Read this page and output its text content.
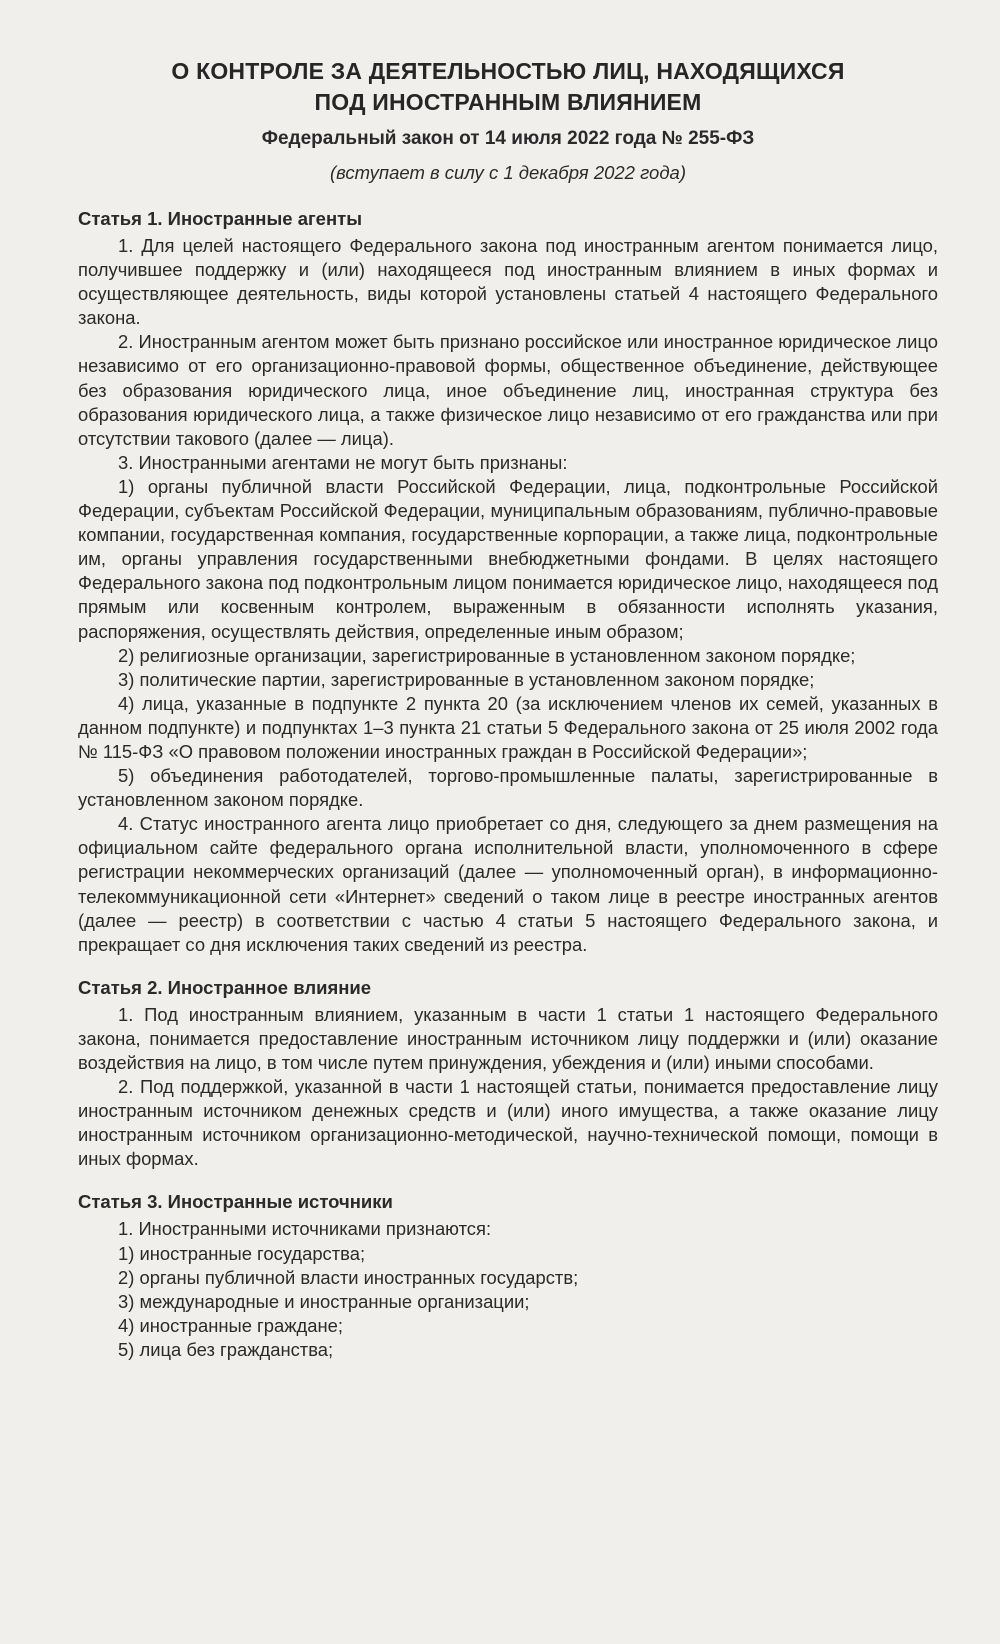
О КОНТРОЛЕ ЗА ДЕЯТЕЛЬНОСТЬЮ ЛИЦ, НАХОДЯЩИХСЯ
ПОД ИНОСТРАННЫМ ВЛИЯНИЕМ

Федеральный закон от 14 июля 2022 года № 255-ФЗ

(вступает в силу с 1 декабря 2022 года)

Статья 1. Иностранные агенты

1. Для целей настоящего Федерального закона под иностранным агентом понимается лицо, получившее поддержку и (или) находящееся под иностранным влиянием в иных формах и осуществляющее деятельность, виды которой установлены статьей 4 настоящего Федерального закона.

2. Иностранным агентом может быть признано российское или иностранное юридическое лицо независимо от его организационно-правовой формы, общественное объединение, действующее без образования юридического лица, иное объединение лиц, иностранная структура без образования юридического лица, а также физическое лицо независимо от его гражданства или при отсутствии такового (далее — лица).

3. Иностранными агентами не могут быть признаны:

1) органы публичной власти Российской Федерации, лица, подконтрольные Российской Федерации, субъектам Российской Федерации, муниципальным образованиям, публично-правовые компании, государственная компания, государственные корпорации, а также лица, подконтрольные им, органы управления государственными внебюджетными фондами. В целях настоящего Федерального закона под подконтрольным лицом понимается юридическое лицо, находящееся под прямым или косвенным контролем, выраженным в обязанности исполнять указания, распоряжения, осуществлять действия, определенные иным образом;

2) религиозные организации, зарегистрированные в установленном законом порядке;

3) политические партии, зарегистрированные в установленном законом порядке;

4) лица, указанные в подпункте 2 пункта 20 (за исключением членов их семей, указанных в данном подпункте) и подпунктах 1–3 пункта 21 статьи 5 Федерального закона от 25 июля 2002 года № 115-ФЗ «О правовом положении иностранных граждан в Российской Федерации»;

5) объединения работодателей, торгово-промышленные палаты, зарегистрированные в установленном законом порядке.

4. Статус иностранного агента лицо приобретает со дня, следующего за днем размещения на официальном сайте федерального органа исполнительной власти, уполномоченного в сфере регистрации некоммерческих организаций (далее — уполномоченный орган), в информационно-телекоммуникационной сети «Интернет» сведений о таком лице в реестре иностранных агентов (далее — реестр) в соответствии с частью 4 статьи 5 настоящего Федерального закона, и прекращает со дня исключения таких сведений из реестра.

Статья 2. Иностранное влияние

1. Под иностранным влиянием, указанным в части 1 статьи 1 настоящего Федерального закона, понимается предоставление иностранным источником лицу поддержки и (или) оказание воздействия на лицо, в том числе путем принуждения, убеждения и (или) иными способами.

2. Под поддержкой, указанной в части 1 настоящей статьи, понимается предоставление лицу иностранным источником денежных средств и (или) иного имущества, а также оказание лицу иностранным источником организационно-методической, научно-технической помощи, помощи в иных формах.

Статья 3. Иностранные источники

1. Иностранными источниками признаются:

1) иностранные государства;

2) органы публичной власти иностранных государств;

3) международные и иностранные организации;

4) иностранные граждане;

5) лица без гражданства;
